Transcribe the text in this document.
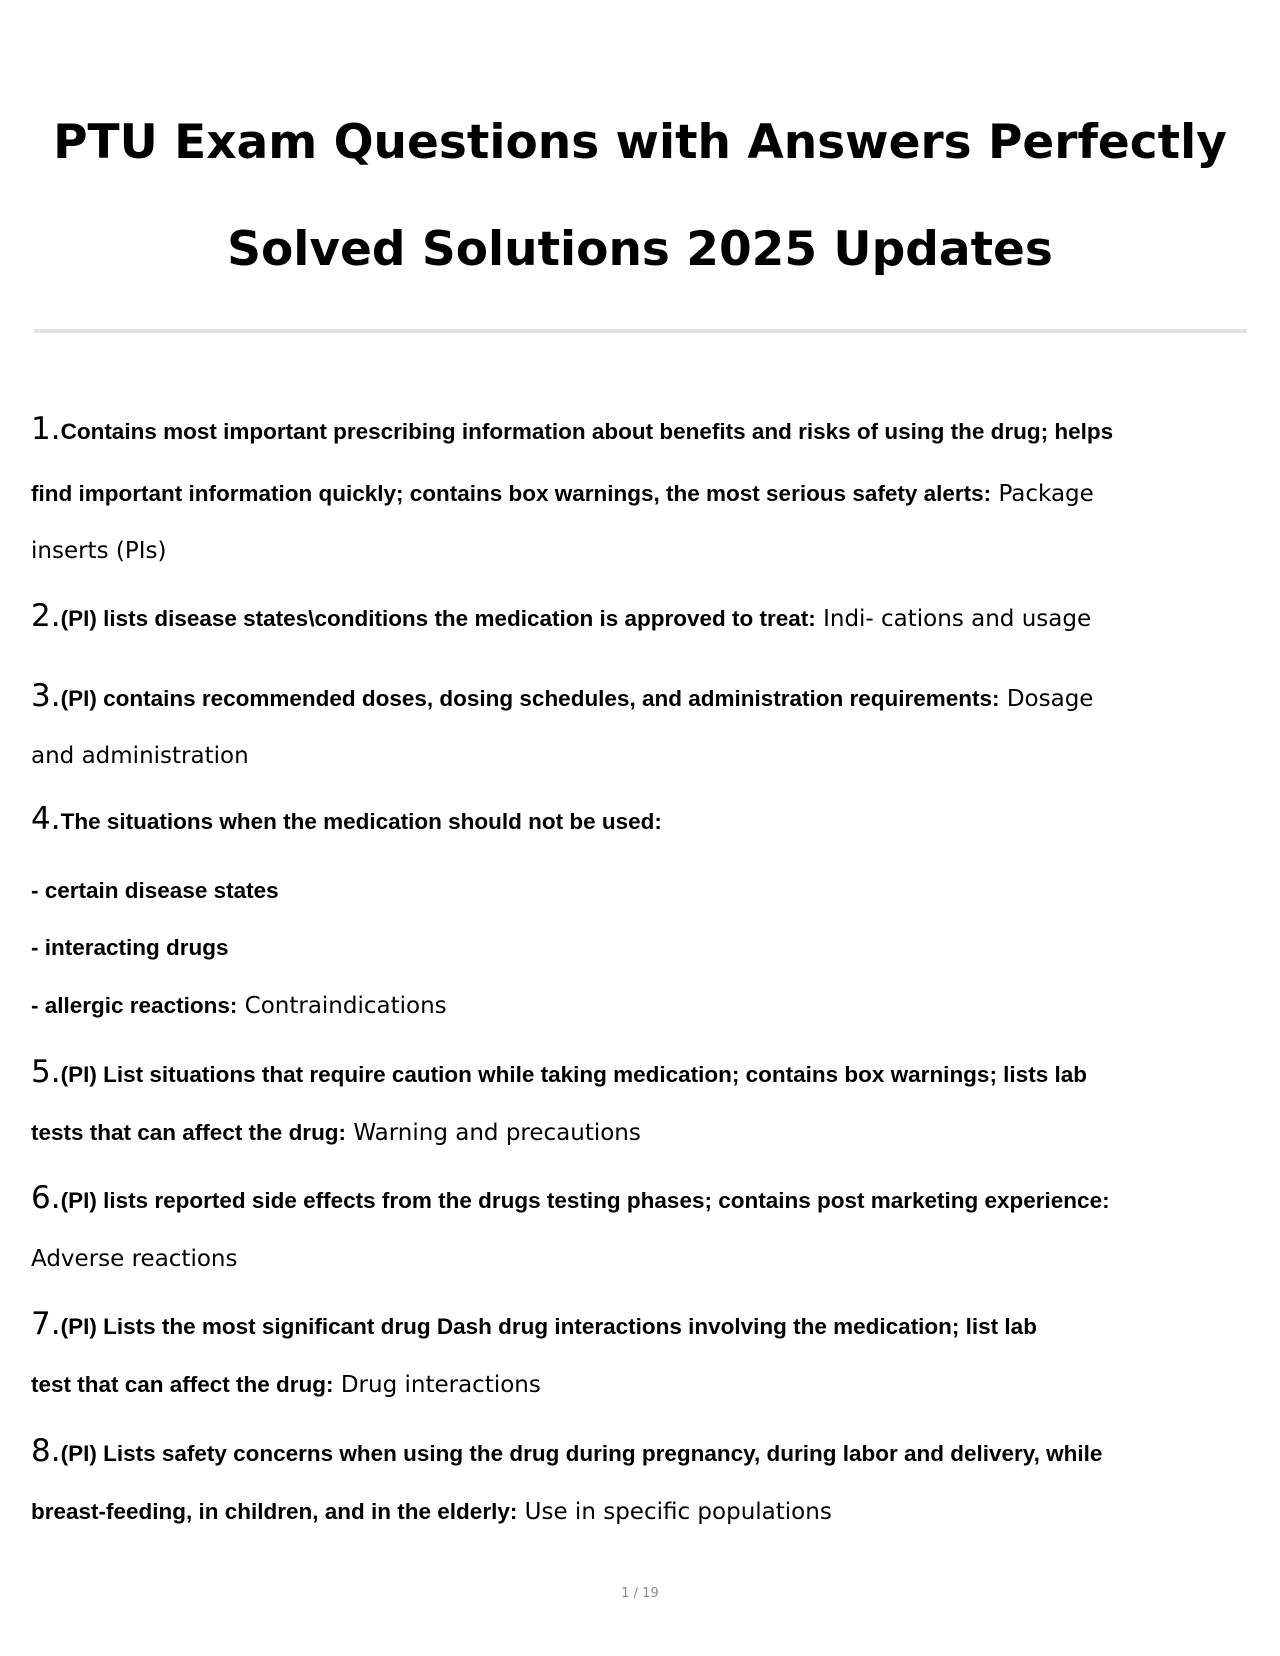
PTU Exam Questions with Answers Perfectly
Solved Solutions 2025 Updates
1.Contains most important prescribing information about benefits and risks of using the drug; helps
find important information quickly; contains box warnings, the most serious safety alerts: Package
inserts (PIs)
2.(PI) lists disease states\conditions the medication is approved to treat: Indi- cations and usage
3.(PI) contains recommended doses, dosing schedules, and administration requirements: Dosage
and administration
4.The situations when the medication should not be used:
- certain disease states
- interacting drugs
- allergic reactions: Contraindications
5.(PI) List situations that require caution while taking medication; contains box warnings; lists lab
tests that can affect the drug: Warning and precautions
6.(PI) lists reported side effects from the drugs testing phases; contains post marketing experience:
Adverse reactions
7.(PI) Lists the most significant drug Dash drug interactions involving the medication; list lab
test that can affect the drug: Drug interactions
8.(PI) Lists safety concerns when using the drug during pregnancy, during labor and delivery, while
breast-feeding, in children, and in the elderly: Use in specific populations
1 / 19
